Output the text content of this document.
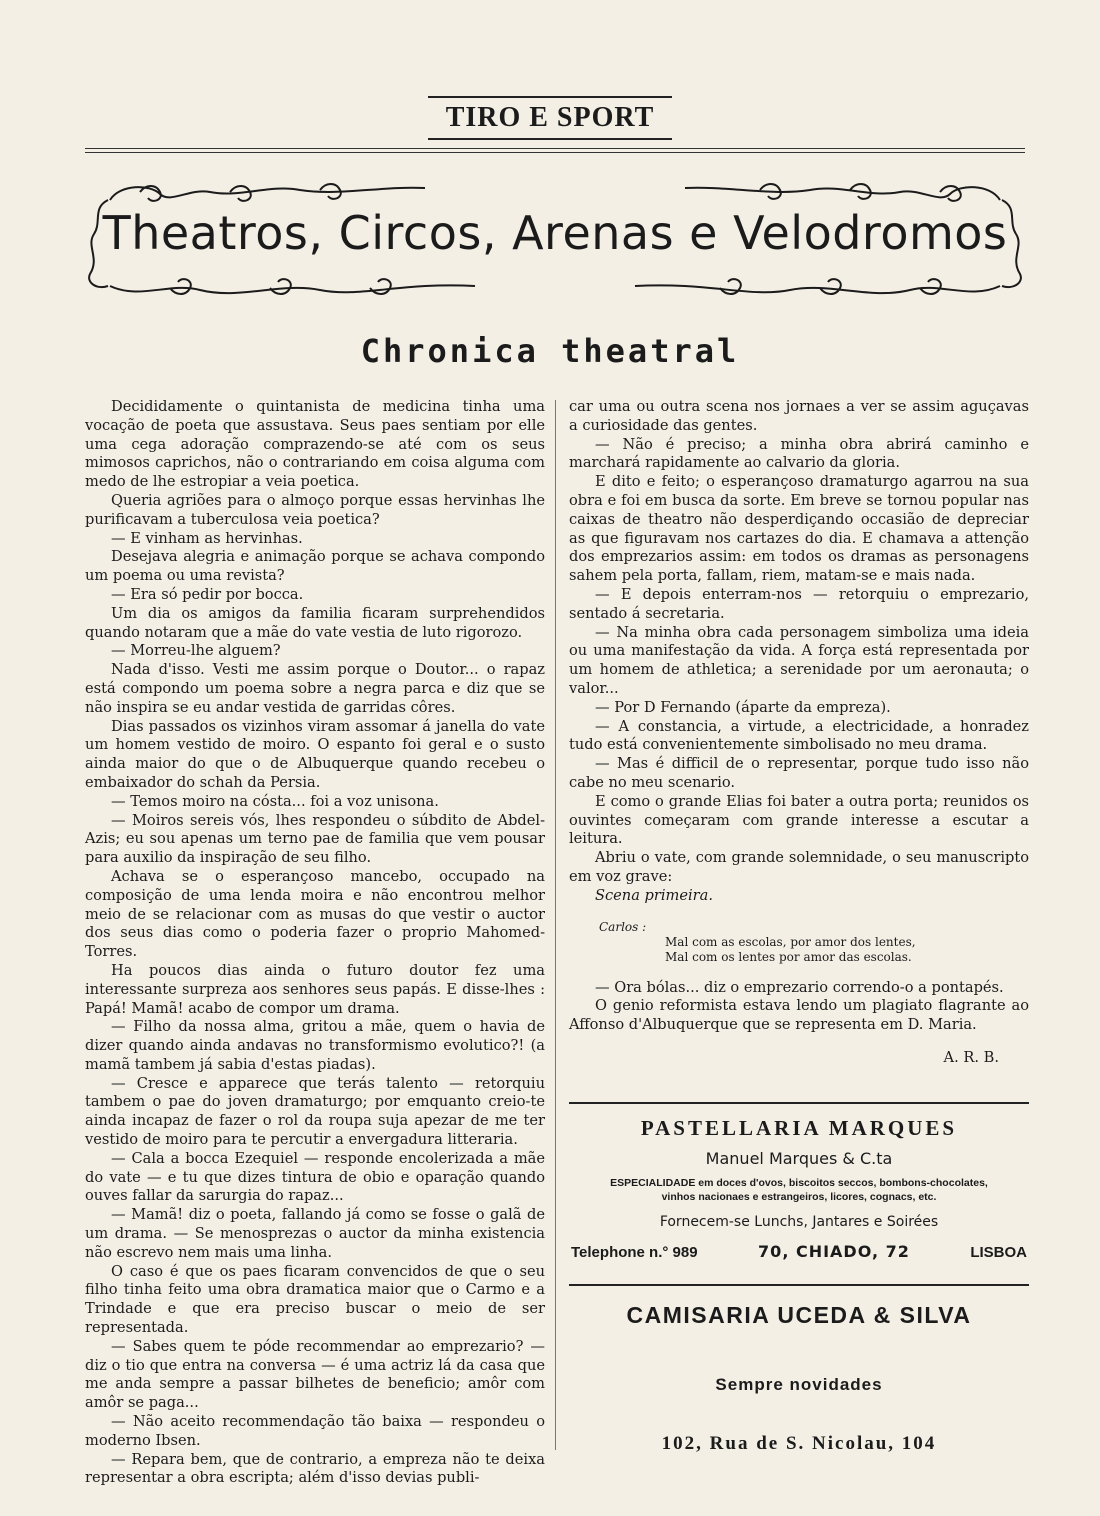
TIRO E SPORT
Theatros, Circos, Arenas e Velodromos
Chronica theatral

Decididamente o quintanista de medicina tinha uma vocação de poeta que assustava. Seus paes sentiam por elle uma cega adoração comprazendo-se até com os seus mimosos caprichos, não o contrariando em coisa alguma com medo de lhe estropiar a veia poetica.

Queria agriões para o almoço porque essas hervinhas lhe purificavam a tuberculosa veia poetica?

— E vinham as hervinhas.

Desejava alegria e animação porque se achava compondo um poema ou uma revista?

— Era só pedir por bocca.

Um dia os amigos da familia ficaram surprehendidos quando notaram que a mãe do vate vestia de luto rigorozo.

— Morreu-lhe alguem?

Nada d'isso. Vesti me assim porque o Doutor... o rapaz está compondo um poema sobre a negra parca e diz que se não inspira se eu andar vestida de garridas côres.

Dias passados os vizinhos viram assomar á janella do vate um homem vestido de moiro. O espanto foi geral e o susto ainda maior do que o de Albuquerque quando recebeu o embaixador do schah da Persia.

— Temos moiro na cósta... foi a voz unisona.

— Moiros sereis vós, lhes respondeu o súbdito de Abdel-Azis; eu sou apenas um terno pae de familia que vem pousar para auxilio da inspiração de seu filho.

Achava se o esperançoso mancebo, occupado na composição de uma lenda moira e não encontrou melhor meio de se relacionar com as musas do que vestir o auctor dos seus dias como o poderia fazer o proprio Mahomed-Torres.

Ha poucos dias ainda o futuro doutor fez uma interessante surpreza aos senhores seus papás. E disse-lhes : Papá! Mamã! acabo de compor um drama.

— Filho da nossa alma, gritou a mãe, quem o havia de dizer quando ainda andavas no transformismo evolutico?! (a mamã tambem já sabia d'estas piadas).

— Cresce e apparece que terás talento — retorquiu tambem o pae do joven dramaturgo; por emquanto creio-te ainda incapaz de fazer o rol da roupa suja apezar de me ter vestido de moiro para te percutir a envergadura litteraria.

— Cala a bocca Ezequiel — responde encolerizada a mãe do vate — e tu que dizes tintura de obio e oparação quando ouves fallar da sarurgia do rapaz...

— Mamã! diz o poeta, fallando já como se fosse o galã de um drama. — Se menosprezas o auctor da minha existencia não escrevo nem mais uma linha.

O caso é que os paes ficaram convencidos de que o seu filho tinha feito uma obra dramatica maior que o Carmo e a Trindade e que era preciso buscar o meio de ser representada.

— Sabes quem te póde recommendar ao emprezario? — diz o tio que entra na conversa — é uma actriz lá da casa que me anda sempre a passar bilhetes de beneficio; amôr com amôr se paga...

— Não aceito recommendação tão baixa — respondeu o moderno Ibsen.

— Repara bem, que de contrario, a empreza não te deixa representar a obra escripta; além d'isso devias publi-

car uma ou outra scena nos jornaes a ver se assim aguçavas a curiosidade das gentes.

— Não é preciso; a minha obra abrirá caminho e marchará rapidamente ao calvario da gloria.

E dito e feito; o esperançoso dramaturgo agarrou na sua obra e foi em busca da sorte. Em breve se tornou popular nas caixas de theatro não desperdiçando occasião de depreciar as que figuravam nos cartazes do dia. E chamava a attenção dos emprezarios assim: em todos os dramas as personagens sahem pela porta, fallam, riem, matam-se e mais nada.

— E depois enterram-nos — retorquiu o emprezario, sentado á secretaria.

— Na minha obra cada personagem simboliza uma ideia ou uma manifestação da vida. A força está representada por um homem de athletica; a serenidade por um aeronauta; o valor...

— Por D Fernando (áparte da empreza).

— A constancia, a virtude, a electricidade, a honradez tudo está convenientemente simbolisado no meu drama.

— Mas é difficil de o representar, porque tudo isso não cabe no meu scenario.

E como o grande Elias foi bater a outra porta; reunidos os ouvintes começaram com grande interesse a escutar a leitura.

Abriu o vate, com grande solemnidade, o seu manuscripto em voz grave:

Scena primeira.

Carlos :
Mal com as escolas, por amor dos lentes,
Mal com os lentes por amor das escolas.

— Ora bólas... diz o emprezario correndo-o a pontapés.

O genio reformista estava lendo um plagiato flagrante ao Affonso d'Albuquerque que se representa em D. Maria.

A. R. B.
PASTELLARIA MARQUES
Manuel Marques & C.ta
ESPECIALIDADE em doces d'ovos, biscoitos seccos, bombons-chocolates,
vinhos nacionaes e estrangeiros, licores, cognacs, etc.
Fornecem-se Lunchs, Jantares e Soirées
Telephone n.° 989	70, CHIADO, 72	LISBOA
CAMISARIA UCEDA & SILVA
Sempre novidades
102, Rua de S. Nicolau, 104
